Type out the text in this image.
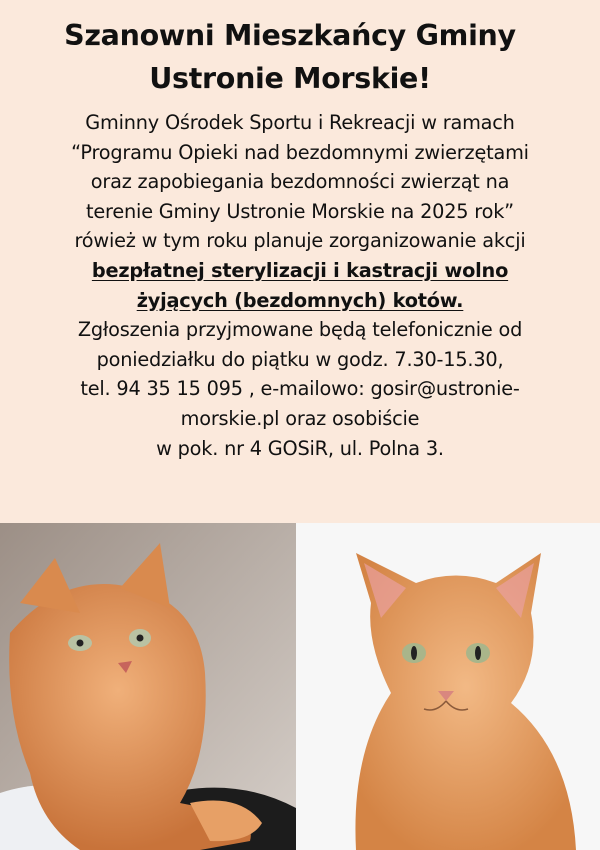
Szanowni Mieszkańcy Gminy
Ustronie Morskie!
Gminny Ośrodek Sportu i Rekreacji w ramach
“Programu Opieki nad bezdomnymi zwierzętami
oraz zapobiegania bezdomności zwierząt na
terenie Gminy Ustronie Morskie na 2025 rok”
rówież w tym roku planuje zorganizowanie akcji
bezpłatnej sterylizacji i kastracji wolno
żyjących (bezdomnych) kotów.
Zgłoszenia przyjmowane będą telefonicznie od
poniedziałku do piątku w godz. 7.30-15.30,
tel. 94 35 15 095 , e-mailowo: gosir@ustronie-
morskie.pl oraz osobiście
w pok. nr 4 GOSiR, ul. Polna 3.
